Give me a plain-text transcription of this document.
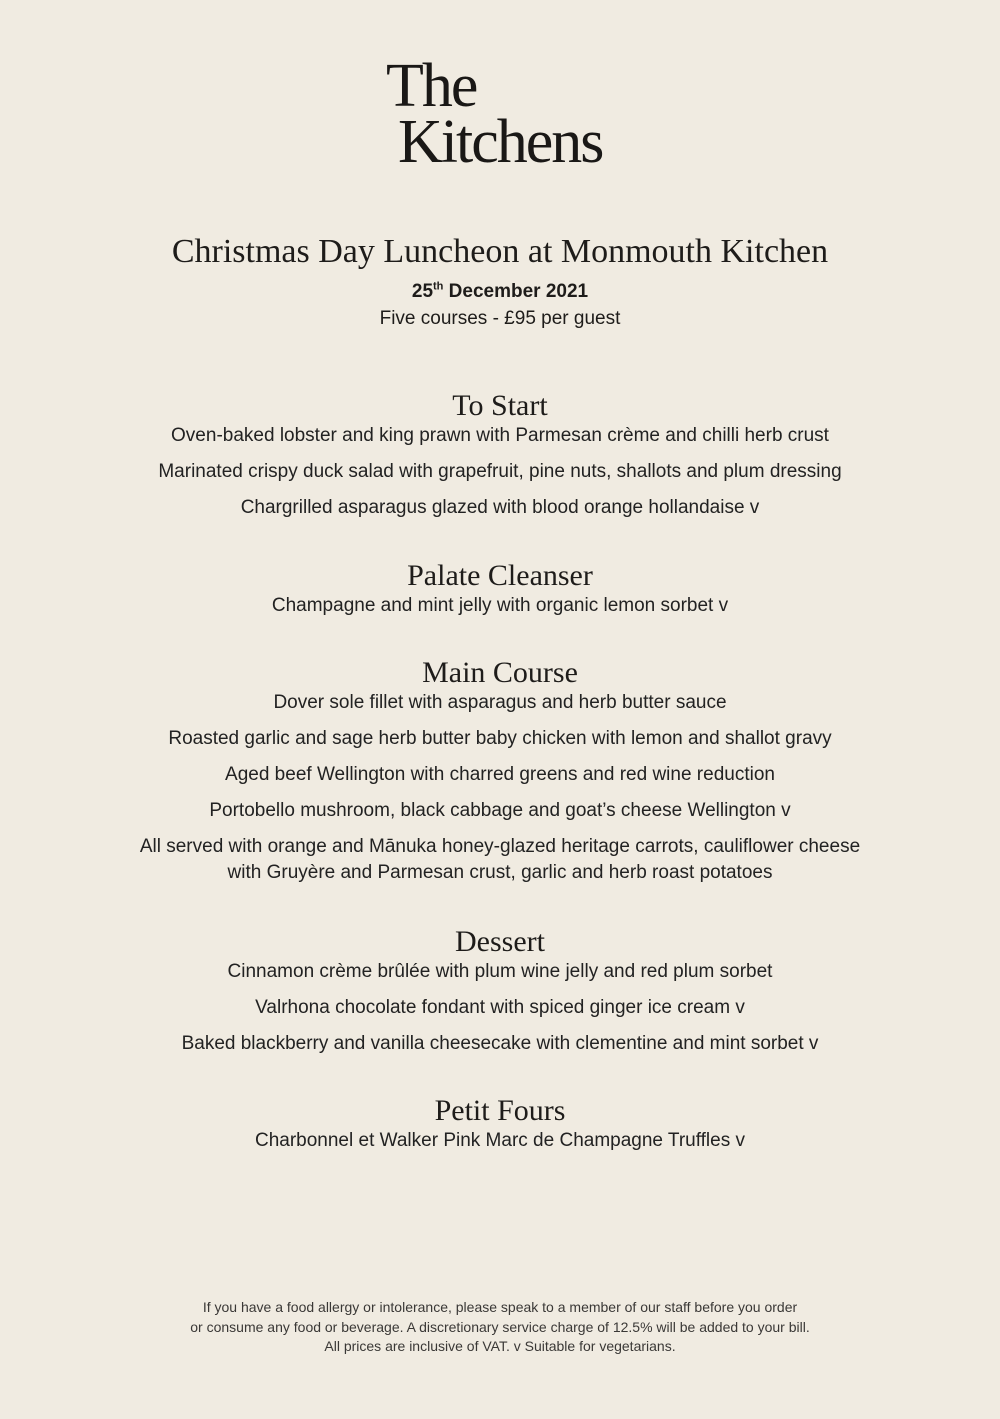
The
Kitchens
Christmas Day Luncheon at Monmouth Kitchen
25th December 2021
Five courses - £95 per guest
To Start

Oven-baked lobster and king prawn with Parmesan crème and chilli herb crust

Marinated crispy duck salad with grapefruit, pine nuts, shallots and plum dressing

Chargrilled asparagus glazed with blood orange hollandaise v

Palate Cleanser

Champagne and mint jelly with organic lemon sorbet v

Main Course

Dover sole fillet with asparagus and herb butter sauce

Roasted garlic and sage herb butter baby chicken with lemon and shallot gravy

Aged beef Wellington with charred greens and red wine reduction

Portobello mushroom, black cabbage and goat’s cheese Wellington v

All served with orange and Mānuka honey-glazed heritage carrots, cauliflower cheese

with Gruyère and Parmesan crust, garlic and herb roast potatoes

Dessert

Cinnamon crème brûlée with plum wine jelly and red plum sorbet

Valrhona chocolate fondant with spiced ginger ice cream v

Baked blackberry and vanilla cheesecake with clementine and mint sorbet v

Petit Fours

Charbonnel et Walker Pink Marc de Champagne Truffles v

If you have a food allergy or intolerance, please speak to a member of our staff before you order
or consume any food or beverage. A discretionary service charge of 12.5% will be added to your bill.
All prices are inclusive of VAT. v Suitable for vegetarians.
